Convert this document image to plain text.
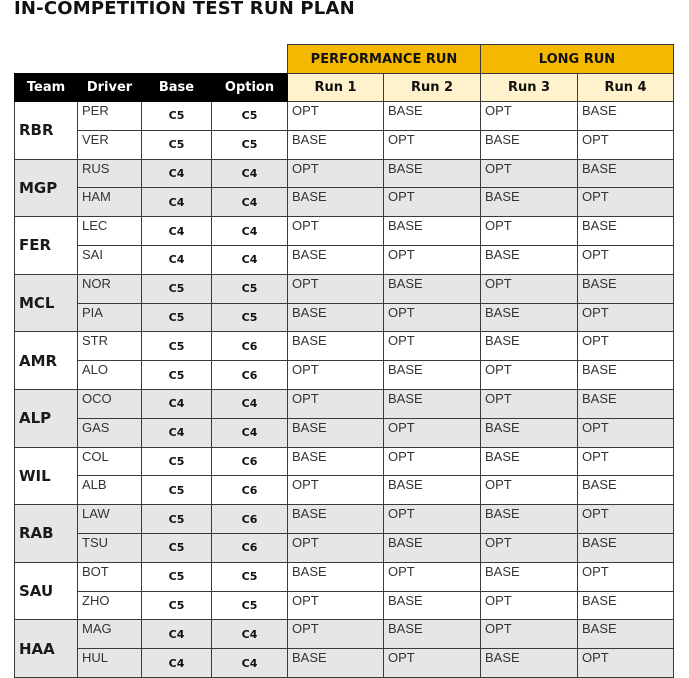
IN-COMPETITION TEST RUN PLAN
				PERFORMANCE RUN		LONG RUN	
Team	Driver	Base	Option	Run 1	Run 2	Run 3	Run 4
RBR	PER	C5	C5	OPT	BASE	OPT	BASE
	VER	C5	C5	BASE	OPT	BASE	OPT
MGP	RUS	C4	C4	OPT	BASE	OPT	BASE
	HAM	C4	C4	BASE	OPT	BASE	OPT
FER	LEC	C4	C4	OPT	BASE	OPT	BASE
	SAI	C4	C4	BASE	OPT	BASE	OPT
MCL	NOR	C5	C5	OPT	BASE	OPT	BASE
	PIA	C5	C5	BASE	OPT	BASE	OPT
AMR	STR	C5	C6	BASE	OPT	BASE	OPT
	ALO	C5	C6	OPT	BASE	OPT	BASE
ALP	OCO	C4	C4	OPT	BASE	OPT	BASE
	GAS	C4	C4	BASE	OPT	BASE	OPT
WIL	COL	C5	C6	BASE	OPT	BASE	OPT
	ALB	C5	C6	OPT	BASE	OPT	BASE
RAB	LAW	C5	C6	BASE	OPT	BASE	OPT
	TSU	C5	C6	OPT	BASE	OPT	BASE
SAU	BOT	C5	C5	BASE	OPT	BASE	OPT
	ZHO	C5	C5	OPT	BASE	OPT	BASE
HAA	MAG	C4	C4	OPT	BASE	OPT	BASE
	HUL	C4	C4	BASE	OPT	BASE	OPT
